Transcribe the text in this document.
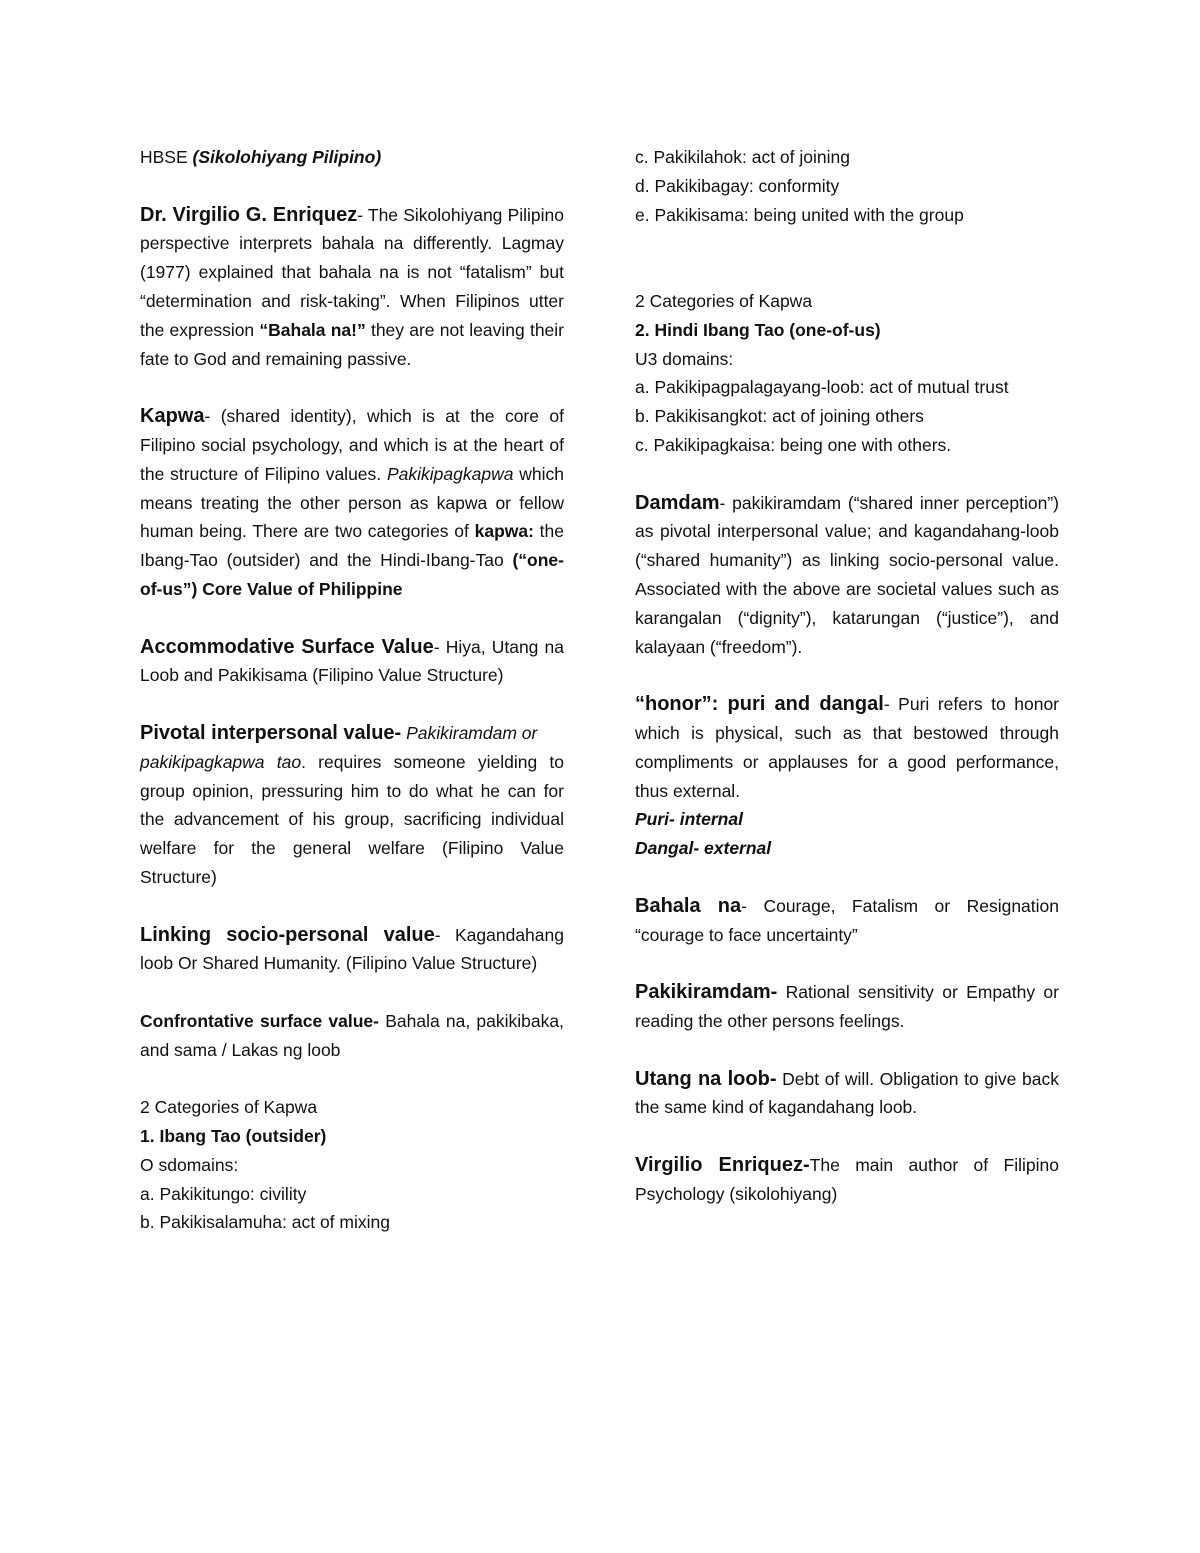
HBSE (Sikolohiyang Pilipino)

Dr. Virgilio G. Enriquez- The Sikolohiyang Pilipino perspective interprets bahala na differently. Lagmay (1977) explained that bahala na is not “fatalism” but “determination and risk-taking”. When Filipinos utter the expression “Bahala na!” they are not leaving their fate to God and remaining passive.

Kapwa- (shared identity), which is at the core of Filipino social psychology, and which is at the heart of the structure of Filipino values. Pakikipagkapwa which means treating the other person as kapwa or fellow human being. There are two categories of kapwa: the Ibang-Tao (outsider) and the Hindi-Ibang-Tao (“one-of-us”) Core Value of Philippine

Accommodative Surface Value- Hiya, Utang na Loob and Pakikisama (Filipino Value Structure)

Pivotal interpersonal value- Pakikiramdam or

pakikipagkapwa tao. requires someone yielding to group opinion, pressuring him to do what he can for the advancement of his group, sacrificing individual welfare for the general welfare (Filipino Value Structure)

Linking socio-personal value- Kagandahang loob Or Shared Humanity. (Filipino Value Structure)

Confrontative surface value- Bahala na, pakikibaka, and sama / Lakas ng loob

2 Categories of Kapwa

1. Ibang Tao (outsider)

O sdomains:

a. Pakikitungo: civility

b. Pakikisalamuha: act of mixing

c. Pakikilahok: act of joining

d. Pakikibagay: conformity

e. Pakikisama: being united with the group

2 Categories of Kapwa

2. Hindi Ibang Tao (one-of-us)

U3 domains:

a. Pakikipagpalagayang-loob: act of mutual trust

b. Pakikisangkot: act of joining others

c. Pakikipagkaisa: being one with others.

Damdam- pakikiramdam (“shared inner perception”) as pivotal interpersonal value; and kagandahang-loob (“shared humanity”) as linking socio-personal value. Associated with the above are societal values such as karangalan (“dignity”), katarungan (“justice”), and kalayaan (“freedom”).

“honor”: puri and dangal- Puri refers to honor which is physical, such as that bestowed through compliments or applauses for a good performance, thus external.

Puri- internal

Dangal- external

Bahala na- Courage, Fatalism or Resignation “courage to face uncertainty”

Pakikiramdam- Rational sensitivity or Empathy or reading the other persons feelings.

Utang na loob- Debt of will. Obligation to give back the same kind of kagandahang loob.

Virgilio Enriquez-The main author of Filipino Psychology (sikolohiyang)
